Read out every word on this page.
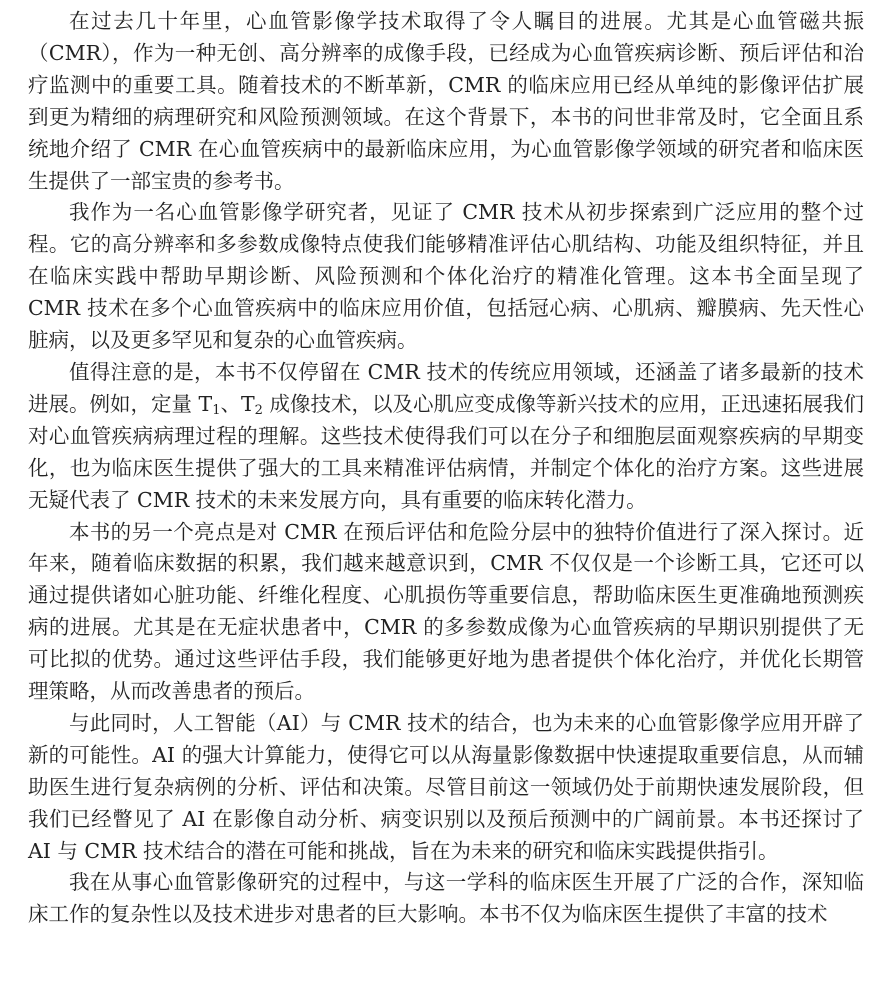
在过去几十年里，心血管影像学技术取得了令人瞩目的进展。尤其是心血管磁共振（CMR），作为一种无创、高分辨率的成像手段，已经成为心血管疾病诊断、预后评估和治疗监测中的重要工具。随着技术的不断革新，CMR 的临床应用已经从单纯的影像评估扩展到更为精细的病理研究和风险预测领域。在这个背景下，本书的问世非常及时，它全面且系统地介绍了 CMR 在心血管疾病中的最新临床应用，为心血管影像学领域的研究者和临床医生提供了一部宝贵的参考书。

我作为一名心血管影像学研究者，见证了 CMR 技术从初步探索到广泛应用的整个过程。它的高分辨率和多参数成像特点使我们能够精准评估心肌结构、功能及组织特征，并且在临床实践中帮助早期诊断、风险预测和个体化治疗的精准化管理。这本书全面呈现了 CMR 技术在多个心血管疾病中的临床应用价值，包括冠心病、心肌病、瓣膜病、先天性心脏病，以及更多罕见和复杂的心血管疾病。

值得注意的是，本书不仅停留在 CMR 技术的传统应用领域，还涵盖了诸多最新的技术进展。例如，定量 $T_1$、$T_2$ 成像技术，以及心肌应变成像等新兴技术的应用，正迅速拓展我们对心血管疾病病理过程的理解。这些技术使得我们可以在分子和细胞层面观察疾病的早期变化，也为临床医生提供了强大的工具来精准评估病情，并制定个体化的治疗方案。这些进展无疑代表了 CMR 技术的未来发展方向，具有重要的临床转化潜力。

本书的另一个亮点是对 CMR 在预后评估和危险分层中的独特价值进行了深入探讨。近年来，随着临床数据的积累，我们越来越意识到，CMR 不仅仅是一个诊断工具，它还可以通过提供诸如心脏功能、纤维化程度、心肌损伤等重要信息，帮助临床医生更准确地预测疾病的进展。尤其是在无症状患者中，CMR 的多参数成像为心血管疾病的早期识别提供了无可比拟的优势。通过这些评估手段，我们能够更好地为患者提供个体化治疗，并优化长期管理策略，从而改善患者的预后。

与此同时，人工智能（AI）与 CMR 技术的结合，也为未来的心血管影像学应用开辟了新的可能性。AI 的强大计算能力，使得它可以从海量影像数据中快速提取重要信息，从而辅助医生进行复杂病例的分析、评估和决策。尽管目前这一领域仍处于前期快速发展阶段，但我们已经瞥见了 AI 在影像自动分析、病变识别以及预后预测中的广阔前景。本书还探讨了 AI 与 CMR 技术结合的潜在可能和挑战，旨在为未来的研究和临床实践提供指引。

我在从事心血管影像研究的过程中，与这一学科的临床医生开展了广泛的合作，深知临床工作的复杂性以及技术进步对患者的巨大影响。本书不仅为临床医生提供了丰富的技术
